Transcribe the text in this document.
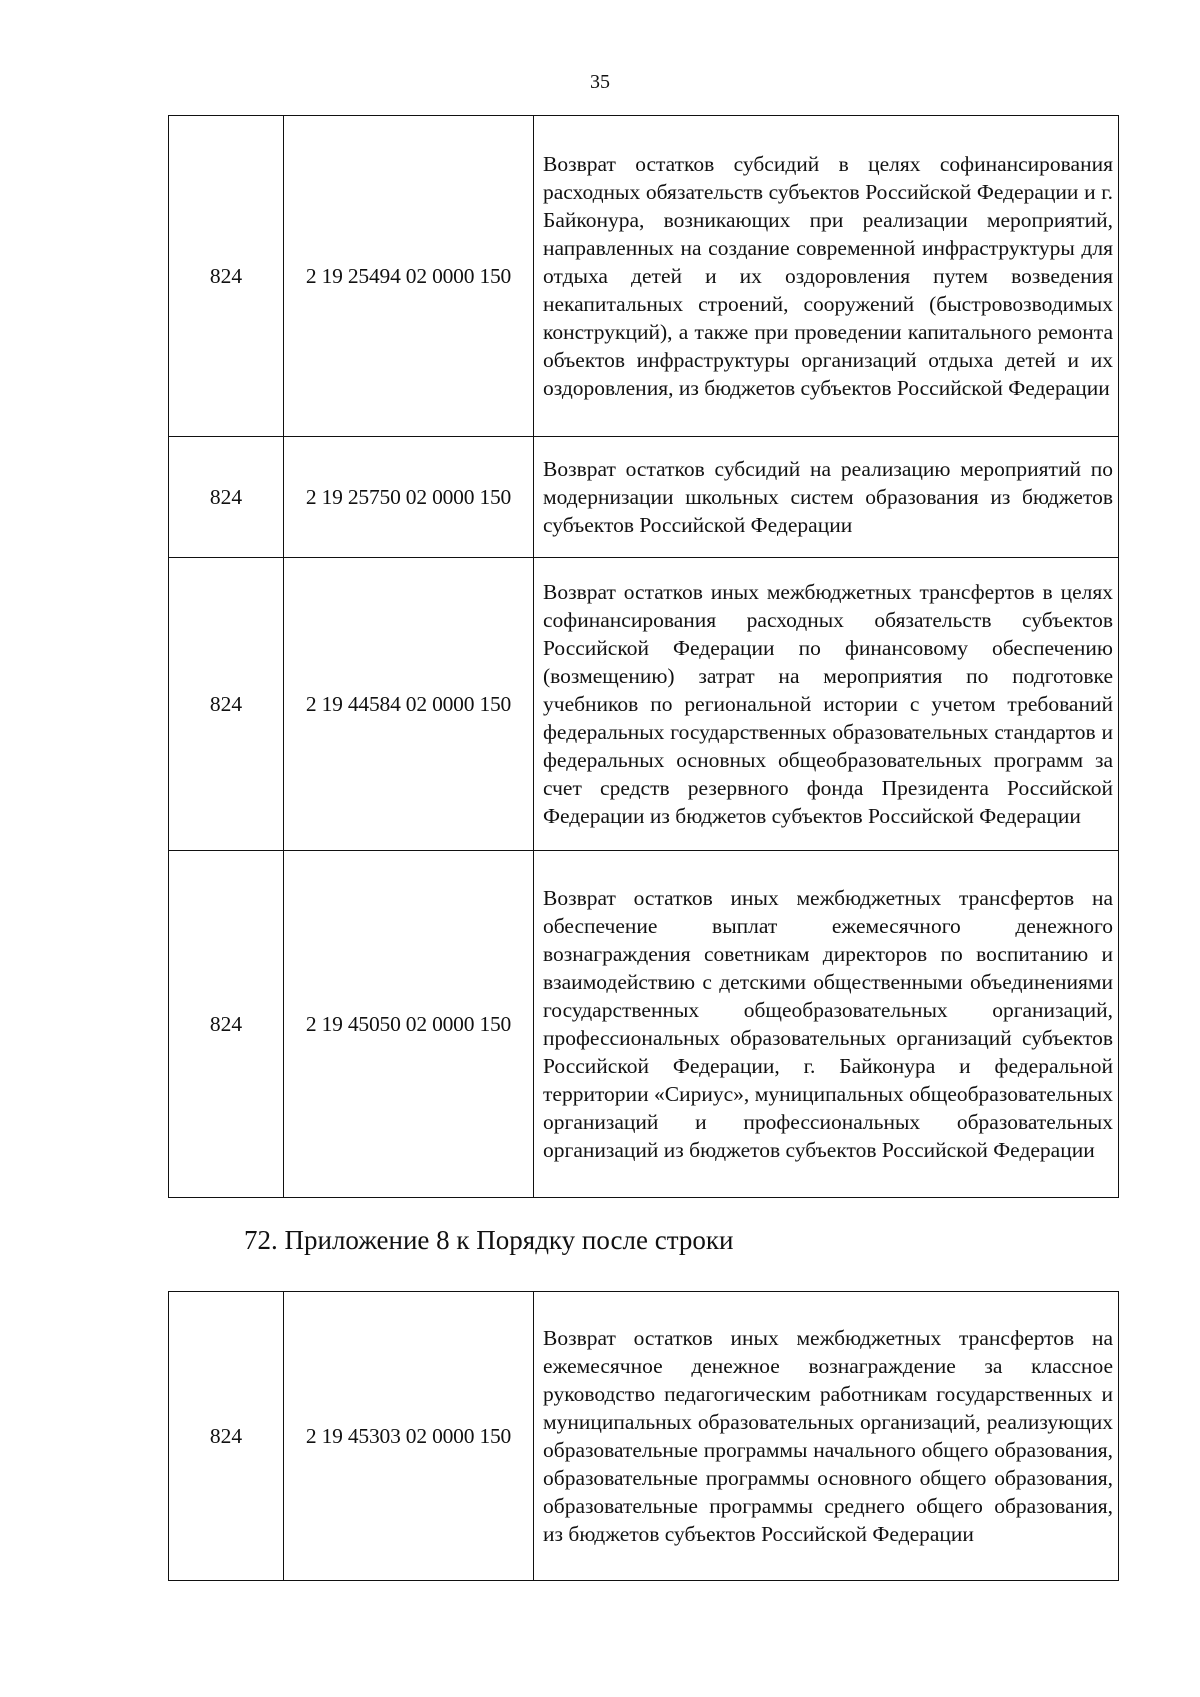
35
824	2 19 25494 02 0000 150	Возврат остатков субсидий в целях софинансирования расходных обязательств субъектов Российской Федерации и г. Байконура, возникающих при реализации мероприятий, направленных на создание современной инфраструктуры для отдыха детей и их оздоровления путем возведения некапитальных строений, сооружений (быстровозводимых конструкций), а также при проведении капитального ремонта объектов инфраструктуры организаций отдыха детей и их оздоровления, из бюджетов субъектов Российской Федерации
824	2 19 25750 02 0000 150	Возврат остатков субсидий на реализацию мероприятий по модернизации школьных систем образования из бюджетов субъектов Российской Федерации
824	2 19 44584 02 0000 150	Возврат остатков иных межбюджетных трансфертов в целях софинансирования расходных обязательств субъектов Российской Федерации по финансовому обеспечению (возмещению) затрат на мероприятия по подготовке учебников по региональной истории с учетом требований федеральных государственных образовательных стандартов и федеральных основных общеобразовательных программ за счет средств резервного фонда Президента Российской Федерации из бюджетов субъектов Российской Федерации
824	2 19 45050 02 0000 150	Возврат остатков иных межбюджетных трансфертов на обеспечение выплат ежемесячного денежного вознаграждения советникам директоров по воспитанию и взаимодействию с детскими общественными объединениями государственных общеобразовательных организаций, профессиональных образовательных организаций субъектов Российской Федерации, г. Байконура и федеральной территории «Сириус», муниципальных общеобразовательных организаций и профессиональных образовательных организаций из бюджетов субъектов Российской Федерации
72. Приложение 8 к Порядку после строки
824	2 19 45303 02 0000 150	Возврат остатков иных межбюджетных трансфертов на ежемесячное денежное вознаграждение за классное руководство педагогическим работникам государственных и муниципальных образовательных организаций, реализующих образовательные программы начального общего образования, образовательные программы основного общего образования, образовательные программы среднего общего образования, из бюджетов субъектов Российской Федерации
